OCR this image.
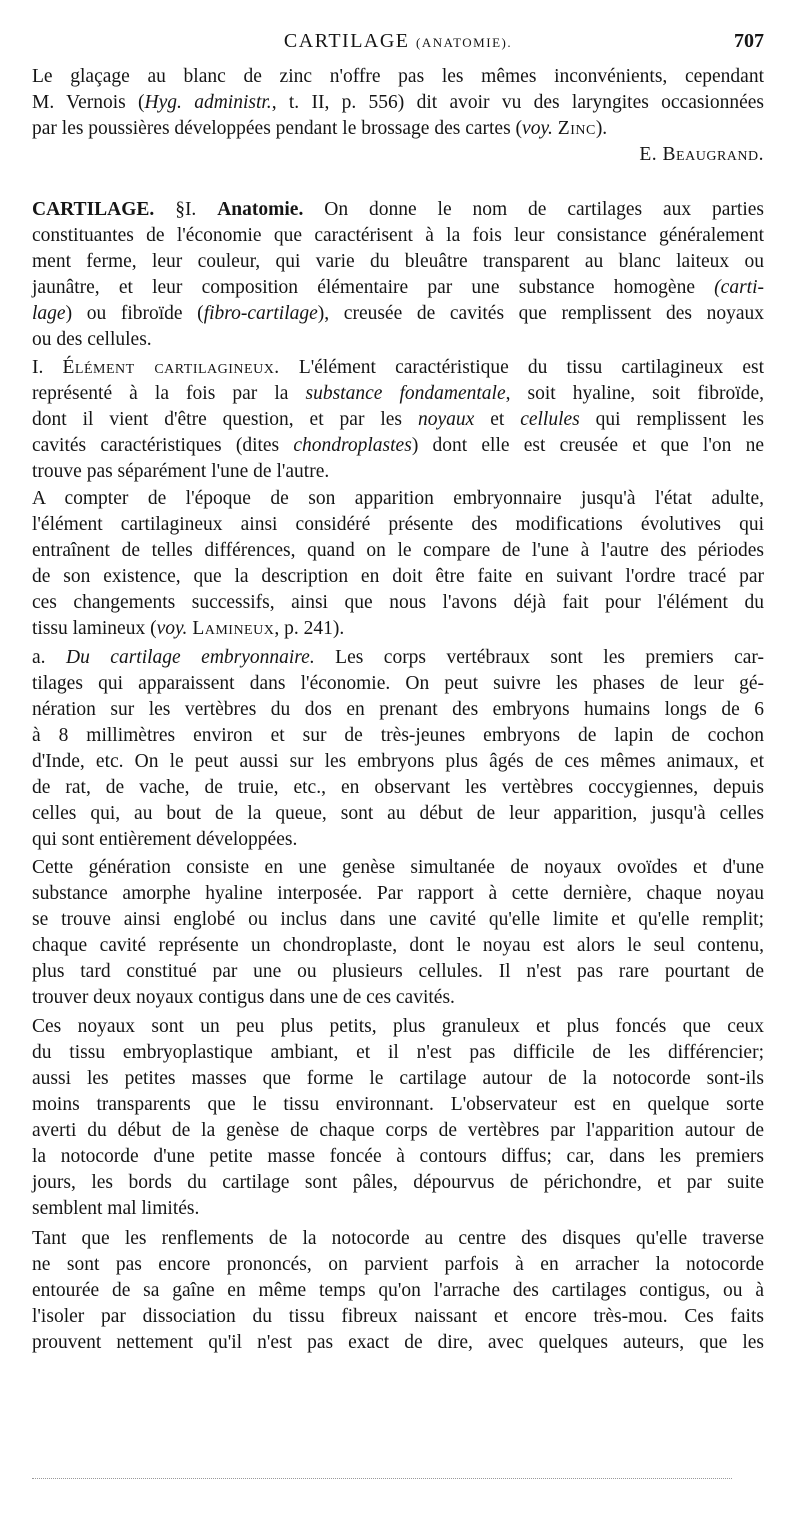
CARTILAGE (ANATOMIE).	707
Le glaçage au blanc de zinc n'offre pas les mêmes inconvénients, cependant
M. Vernois (Hyg. administr., t. II, p. 556) dit avoir vu des laryngites occasionnées
par les poussières développées pendant le brossage des cartes (voy. Zinc).
E. Beaugrand.
CARTILAGE. §I. Anatomie. On donne le nom de cartilages aux parties
constituantes de l'économie que caractérisent à la fois leur consistance généralement
ment ferme, leur couleur, qui varie du bleuâtre transparent au blanc laiteux ou
jaunâtre, et leur composition élémentaire par une substance homogène (carti-
lage) ou fibroïde (fibro-cartilage), creusée de cavités que remplissent des noyaux
ou des cellules.
I. Élément cartilagineux. L'élément caractéristique du tissu cartilagineux est
représenté à la fois par la substance fondamentale, soit hyaline, soit fibroïde,
dont il vient d'être question, et par les noyaux et cellules qui remplissent les
cavités caractéristiques (dites chondroplastes) dont elle est creusée et que l'on ne
trouve pas séparément l'une de l'autre.
A compter de l'époque de son apparition embryonnaire jusqu'à l'état adulte,
l'élément cartilagineux ainsi considéré présente des modifications évolutives qui
entraînent de telles différences, quand on le compare de l'une à l'autre des périodes
de son existence, que la description en doit être faite en suivant l'ordre tracé par
ces changements successifs, ainsi que nous l'avons déjà fait pour l'élément du
tissu lamineux (voy. Lamineux, p. 241).
a. Du cartilage embryonnaire. Les corps vertébraux sont les premiers car-
tilages qui apparaissent dans l'économie. On peut suivre les phases de leur gé-
nération sur les vertèbres du dos en prenant des embryons humains longs de 6
à 8 millimètres environ et sur de très-jeunes embryons de lapin de cochon
d'Inde, etc. On le peut aussi sur les embryons plus âgés de ces mêmes animaux, et
de rat, de vache, de truie, etc., en observant les vertèbres coccygiennes, depuis
celles qui, au bout de la queue, sont au début de leur apparition, jusqu'à celles
qui sont entièrement développées.
Cette génération consiste en une genèse simultanée de noyaux ovoïdes et d'une
substance amorphe hyaline interposée. Par rapport à cette dernière, chaque noyau
se trouve ainsi englobé ou inclus dans une cavité qu'elle limite et qu'elle remplit;
chaque cavité représente un chondroplaste, dont le noyau est alors le seul contenu,
plus tard constitué par une ou plusieurs cellules. Il n'est pas rare pourtant de
trouver deux noyaux contigus dans une de ces cavités.
Ces noyaux sont un peu plus petits, plus granuleux et plus foncés que ceux
du tissu embryoplastique ambiant, et il n'est pas difficile de les différencier;
aussi les petites masses que forme le cartilage autour de la notocorde sont-ils
moins transparents que le tissu environnant. L'observateur est en quelque sorte
averti du début de la genèse de chaque corps de vertèbres par l'apparition autour de
la notocorde d'une petite masse foncée à contours diffus; car, dans les premiers
jours, les bords du cartilage sont pâles, dépourvus de périchondre, et par suite
semblent mal limités.
Tant que les renflements de la notocorde au centre des disques qu'elle traverse
ne sont pas encore prononcés, on parvient parfois à en arracher la notocorde
entourée de sa gaîne en même temps qu'on l'arrache des cartilages contigus, ou à
l'isoler par dissociation du tissu fibreux naissant et encore très-mou. Ces faits
prouvent nettement qu'il n'est pas exact de dire, avec quelques auteurs, que les
